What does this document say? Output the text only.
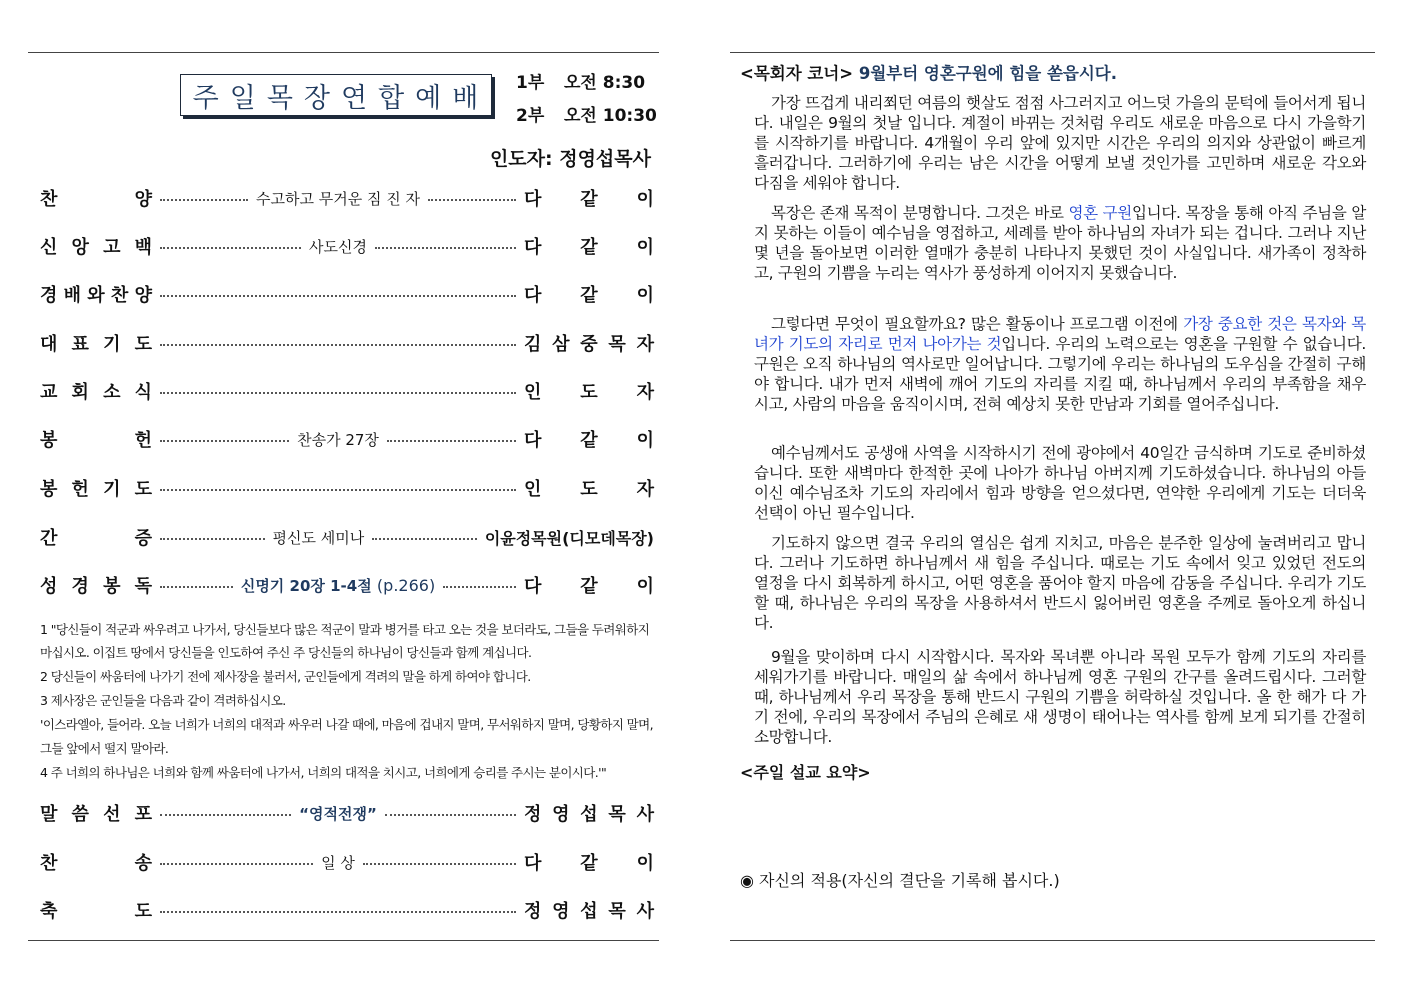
주일목장연합예배 1부 오전 8:30
2부 오전 10:30
인도자: 정영섭목사
찬	양	수고하고 무거운 짐 진 자	다 같 이
신 앙 고 백	사도신경	다 같 이
경 배 와 찬 양	다 같 이
대 표 기 도	김 삼 중 목 자
교 회 소 식	인 도 자
봉	헌	찬송가 27장	다 같 이
봉 헌 기 도	인 도 자
간	증	평신도 세미나	이윤정목원(디모데목장)
성 경 봉 독	신명기 20장 1-4절 (p.266)	다 같 이
1 "당신들이 적군과 싸우려고 나가서, 당신들보다 많은 적군이 말과 병거를 타고 오는 것을 보더라도, 그들을 두려워하지
마십시오. 이집트 땅에서 당신들을 인도하여 주신 주 당신들의 하나님이 당신들과 함께 계십니다.
2 당신들이 싸움터에 나가기 전에 제사장을 불러서, 군인들에게 격려의 말을 하게 하여야 합니다.
3 제사장은 군인들을 다음과 같이 격려하십시오.
'이스라엘아, 들어라. 오늘 너희가 너희의 대적과 싸우러 나갈 때에, 마음에 겁내지 말며, 무서워하지 말며, 당황하지 말며,
그들 앞에서 떨지 말아라.
4 주 너희의 하나님은 너희와 함께 싸움터에 나가서, 너희의 대적을 치시고, 너희에게 승리를 주시는 분이시다.'"
말 씀 선 포	“영적전쟁”	정 영 섭 목 사
찬	송	일 상	다 같 이
축	도	정 영 섭 목 사
<목회자 코너> 9월부터 영혼구원에 힘을 쏟읍시다.
가장 뜨겁게 내리쬐던 여름의 햇살도 점점 사그러지고 어느덧 가을의 문턱에 들어서게 됩니다. 내일은 9월의 첫날 입니다. 계절이 바뀌는 것처럼 우리도 새로운 마음으로 다시 가을학기를 시작하기를 바랍니다. 4개월이 우리 앞에 있지만 시간은 우리의 의지와 상관없이 빠르게 흘러갑니다. 그러하기에 우리는 남은 시간을 어떻게 보낼 것인가를 고민하며 새로운 각오와 다짐을 세워야 합니다.
목장은 존재 목적이 분명합니다. 그것은 바로 영혼 구원입니다. 목장을 통해 아직 주님을 알지 못하는 이들이 예수님을 영접하고, 세례를 받아 하나님의 자녀가 되는 겁니다. 그러나 지난 몇 년을 돌아보면 이러한 열매가 충분히 나타나지 못했던 것이 사실입니다. 새가족이 정착하고, 구원의 기쁨을 누리는 역사가 풍성하게 이어지지 못했습니다.
그렇다면 무엇이 필요할까요? 많은 활동이나 프로그램 이전에 가장 중요한 것은 목자와 목녀가 기도의 자리로 먼저 나아가는 것입니다. 우리의 노력으로는 영혼을 구원할 수 없습니다. 구원은 오직 하나님의 역사로만 일어납니다. 그렇기에 우리는 하나님의 도우심을 간절히 구해야 합니다. 내가 먼저 새벽에 깨어 기도의 자리를 지킬 때, 하나님께서 우리의 부족함을 채우시고, 사람의 마음을 움직이시며, 전혀 예상치 못한 만남과 기회를 열어주십니다.
예수님께서도 공생애 사역을 시작하시기 전에 광야에서 40일간 금식하며 기도로 준비하셨습니다. 또한 새벽마다 한적한 곳에 나아가 하나님 아버지께 기도하셨습니다. 하나님의 아들이신 예수님조차 기도의 자리에서 힘과 방향을 얻으셨다면, 연약한 우리에게 기도는 더더욱 선택이 아닌 필수입니다.
기도하지 않으면 결국 우리의 열심은 쉽게 지치고, 마음은 분주한 일상에 눌려버리고 맙니다. 그러나 기도하면 하나님께서 새 힘을 주십니다. 때로는 기도 속에서 잊고 있었던 전도의 열정을 다시 회복하게 하시고, 어떤 영혼을 품어야 할지 마음에 감동을 주십니다. 우리가 기도할 때, 하나님은 우리의 목장을 사용하셔서 반드시 잃어버린 영혼을 주께로 돌아오게 하십니다.
9월을 맞이하며 다시 시작합시다. 목자와 목녀뿐 아니라 목원 모두가 함께 기도의 자리를 세워가기를 바랍니다. 매일의 삶 속에서 하나님께 영혼 구원의 간구를 올려드립시다. 그러할 때, 하나님께서 우리 목장을 통해 반드시 구원의 기쁨을 허락하실 것입니다. 올 한 해가 다 가기 전에, 우리의 목장에서 주님의 은혜로 새 생명이 태어나는 역사를 함께 보게 되기를 간절히 소망합니다.
<주일 설교 요약>
◉ 자신의 적용(자신의 결단을 기록해 봅시다.)
